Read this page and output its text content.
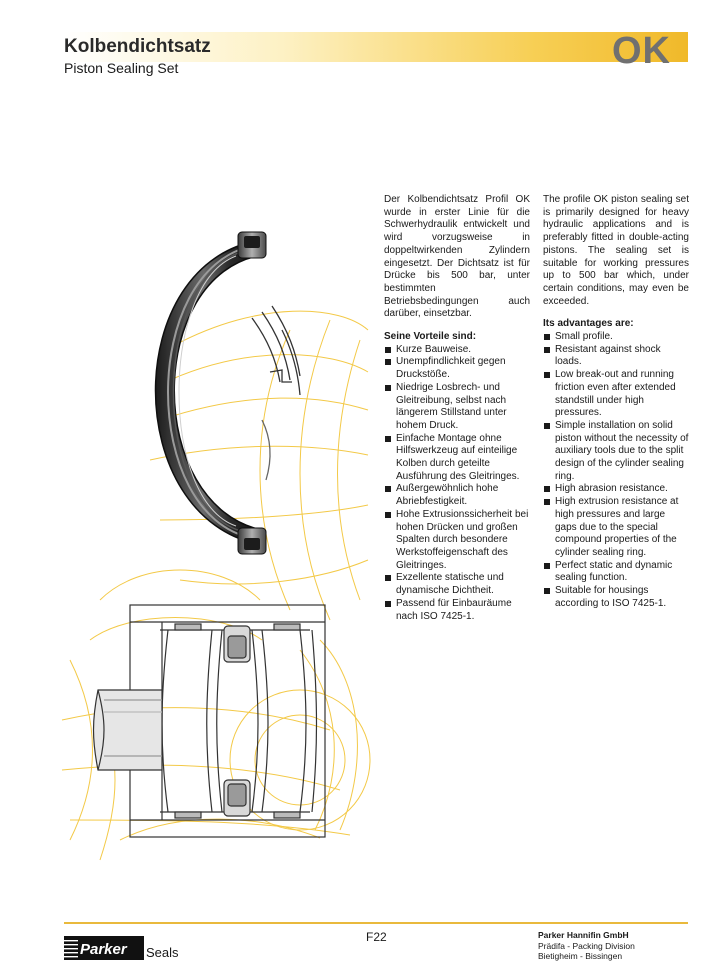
Kolbendichtsatz
Piston Sealing Set	OK

Der Kolbendichtsatz Profil OK wurde in erster Linie für die Schwerhydraulik entwickelt und wird vorzugsweise in doppeltwirkenden Zylindern eingesetzt. Der Dichtsatz ist für Drücke bis 500 bar, unter bestimmten Betriebsbedingungen auch darüber, einsetzbar.

Seine Vorteile sind:

Kurze Bauweise.
Unempfindlichkeit gegen Druckstöße.
Niedrige Losbrech- und Gleitreibung, selbst nach längerem Stillstand unter hohem Druck.
Einfache Montage ohne Hilfswerkzeug auf einteilige Kolben durch geteilte Ausführung des Gleitringes.
Außergewöhnlich hohe Abriebfestigkeit.
Hohe Extrusionssicherheit bei hohen Drücken und großen Spalten durch besondere Werkstoffeigenschaft des Gleitringes.
Exzellente statische und dynamische Dichtheit.
Passend für Einbauräume nach ISO 7425-1.

The profile OK piston sealing set is primarily designed for heavy hydraulic applications and is preferably fitted in double-acting pistons. The sealing set is suitable for working pressures up to 500 bar which, under certain conditions, may even be exceeded.

Its advantages are:

Small profile.
Resistant against shock loads.
Low break-out and running friction even after extended standstill under high pressures.
Simple installation on solid piston without the necessity of auxiliary tools due to the split design of the cylinder sealing ring.
High abrasion resistance.
High extrusion resistance at high pressures and large gaps due to the special compound properties of the cylinder sealing ring.
Perfect static and dynamic sealing function.
Suitable for housings according to ISO 7425-1.
Parker Seals
F22	Parker Hannifin GmbH
Prädifa - Packing Division
Bietigheim - Bissingen
